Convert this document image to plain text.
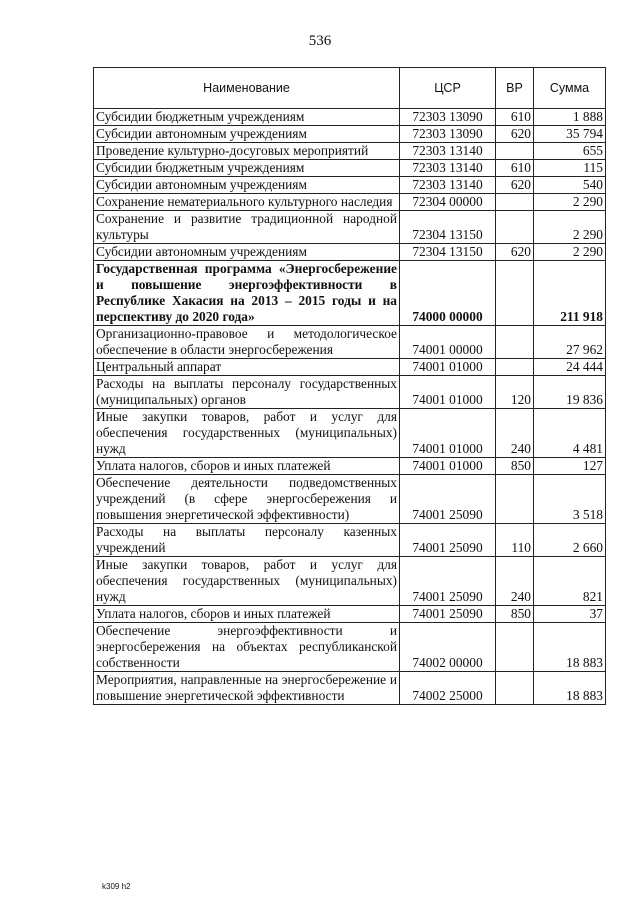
536
Наименование	ЦСР	ВР	Сумма
Субсидии бюджетным учреждениям	72303 13090	610	1 888
Субсидии автономным учреждениям	72303 13090	620	35 794
Проведение культурно-досуговых мероприятий	72303 13140		655
Субсидии бюджетным учреждениям	72303 13140	610	115
Субсидии автономным учреждениям	72303 13140	620	540
Сохранение нематериального культурного наследия	72304 00000		2 290
Сохранение и развитие традиционной народной культуры	72304 13150		2 290
Субсидии автономным учреждениям	72304 13150	620	2 290
Государственная программа «Энергосбережение и повышение энергоэффективности в Республике Хакасия на 2013 – 2015 годы и на перспективу до 2020 года»	74000 00000		211 918
Организационно-правовое и методологическое обеспечение в области энергосбережения	74001 00000		27 962
Центральный аппарат	74001 01000		24 444
Расходы на выплаты персоналу государственных (муниципальных) органов	74001 01000	120	19 836
Иные закупки товаров, работ и услуг для обеспечения государственных (муниципальных) нужд	74001 01000	240	4 481
Уплата налогов, сборов и иных платежей	74001 01000	850	127
Обеспечение деятельности подведомственных учреждений (в сфере энергосбережения и повышения энергетической эффективности)	74001 25090		3 518
Расходы на выплаты персоналу казенных учреждений	74001 25090	110	2 660
Иные закупки товаров, работ и услуг для обеспечения государственных (муниципальных) нужд	74001 25090	240	821
Уплата налогов, сборов и иных платежей	74001 25090	850	37
Обеспечение энергоэффективности и энергосбережения на объектах республиканской собственности	74002 00000		18 883
Мероприятия, направленные на энергосбережение и повышение энергетической эффективности	74002 25000		18 883
k309 h2
